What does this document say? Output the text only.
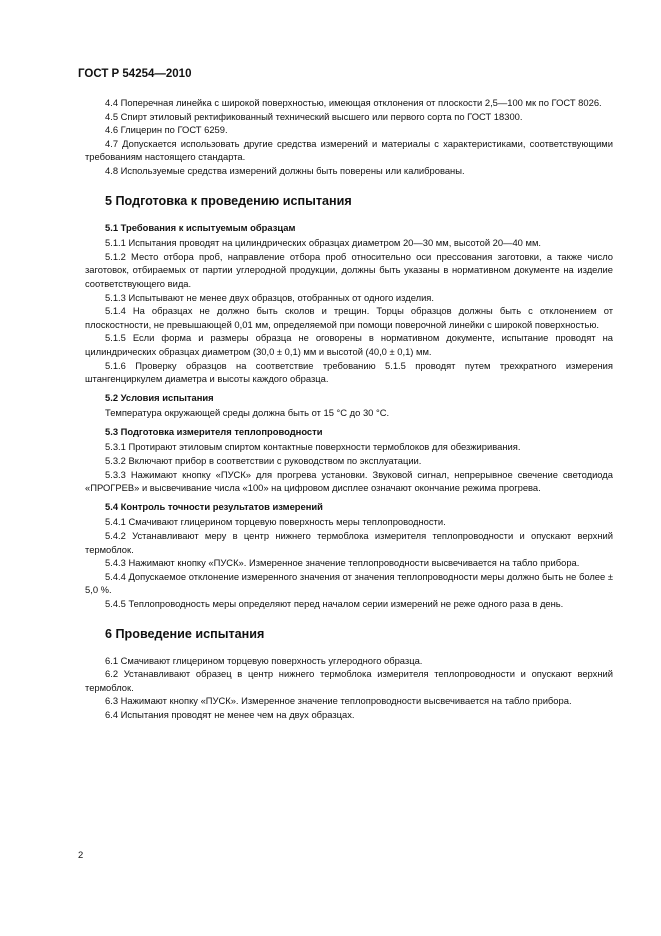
ГОСТ Р 54254—2010
4.4 Поперечная линейка с широкой поверхностью, имеющая отклонения от плоскости 2,5—100 мк по ГОСТ 8026.
4.5 Спирт этиловый ректификованный технический высшего или первого сорта по ГОСТ 18300.
4.6 Глицерин по ГОСТ 6259.
4.7 Допускается использовать другие средства измерений и материалы с характеристиками, соответствующими требованиям настоящего стандарта.
4.8 Используемые средства измерений должны быть поверены или калиброваны.
5 Подготовка к проведению испытания
5.1 Требования к испытуемым образцам
5.1.1 Испытания проводят на цилиндрических образцах диаметром 20—30 мм, высотой 20—40 мм.
5.1.2 Место отбора проб, направление отбора проб относительно оси прессования заготовки, а также число заготовок, отбираемых от партии углеродной продукции, должны быть указаны в нормативном документе на изделие соответствующего вида.
5.1.3 Испытывают не менее двух образцов, отобранных от одного изделия.
5.1.4 На образцах не должно быть сколов и трещин. Торцы образцов должны быть с отклонением от плоскостности, не превышающей 0,01 мм, определяемой при помощи поверочной линейки с широкой поверхностью.
5.1.5 Если форма и размеры образца не оговорены в нормативном документе, испытание проводят на цилиндрических образцах диаметром (30,0 ± 0,1) мм и высотой (40,0 ± 0,1) мм.
5.1.6 Проверку образцов на соответствие требованию 5.1.5 проводят путем трехкратного измерения штангенциркулем диаметра и высоты каждого образца.
5.2 Условия испытания
Температура окружающей среды должна быть от 15 °С до 30 °С.
5.3 Подготовка измерителя теплопроводности
5.3.1 Протирают этиловым спиртом контактные поверхности термоблоков для обезжиривания.
5.3.2 Включают прибор в соответствии с руководством по эксплуатации.
5.3.3 Нажимают кнопку «ПУСК» для прогрева установки. Звуковой сигнал, непрерывное свечение светодиода «ПРОГРЕВ» и высвечивание числа «100» на цифровом дисплее означают окончание режима прогрева.
5.4 Контроль точности результатов измерений
5.4.1 Смачивают глицерином торцевую поверхность меры теплопроводности.
5.4.2 Устанавливают меру в центр нижнего термоблока измерителя теплопроводности и опускают верхний термоблок.
5.4.3 Нажимают кнопку «ПУСК». Измеренное значение теплопроводности высвечивается на табло прибора.
5.4.4 Допускаемое отклонение измеренного значения от значения теплопроводности меры должно быть не более ± 5,0 %.
5.4.5 Теплопроводность меры определяют перед началом серии измерений не реже одного раза в день.
6 Проведение испытания
6.1 Смачивают глицерином торцевую поверхность углеродного образца.
6.2 Устанавливают образец в центр нижнего термоблока измерителя теплопроводности и опускают верхний термоблок.
6.3 Нажимают кнопку «ПУСК». Измеренное значение теплопроводности высвечивается на табло прибора.
6.4 Испытания проводят не менее чем на двух образцах.
2
